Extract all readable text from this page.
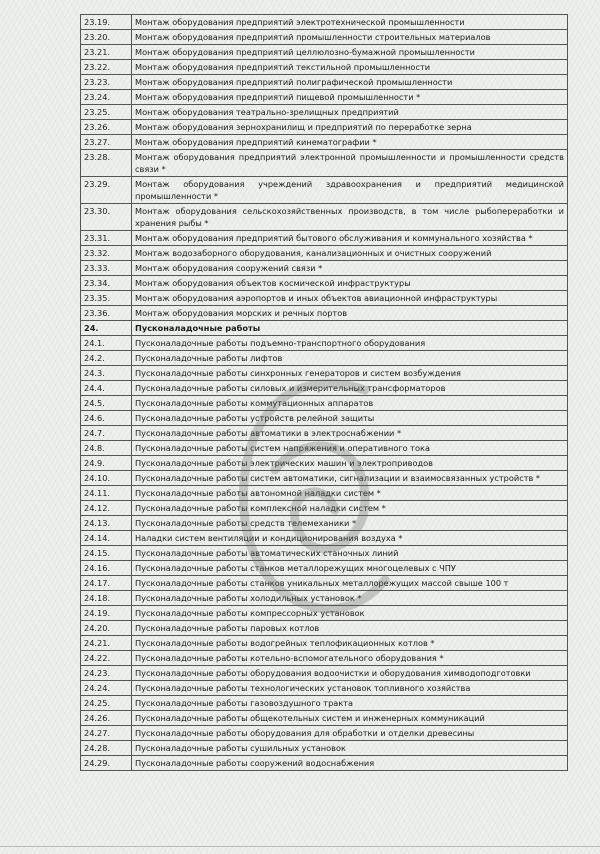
23.19.	Монтаж оборудования предприятий электротехнической промышленности
23.20.	Монтаж оборудования предприятий промышленности строительных материалов
23.21.	Монтаж оборудования предприятий целлюлозно-бумажной промышленности
23.22.	Монтаж оборудования предприятий текстильной промышленности
23.23.	Монтаж оборудования предприятий полиграфической промышленности
23.24.	Монтаж оборудования предприятий пищевой промышленности *
23.25.	Монтаж оборудования театрально-зрелищных предприятий
23.26.	Монтаж оборудования зернохранилищ и предприятий по переработке зерна
23.27.	Монтаж оборудования предприятий кинематографии *
23.28.	Монтаж оборудования предприятий электронной промышленности и промышленности средств связи *
23.29.	Монтаж оборудования учреждений здравоохранения и предприятий медицинской промышленности *
23.30.	Монтаж оборудования сельскохозяйственных производств, в том числе рыбопереработки и хранения рыбы *
23.31.	Монтаж оборудования предприятий бытового обслуживания и коммунального хозяйства *
23.32.	Монтаж водозаборного оборудования, канализационных и очистных сооружений
23.33.	Монтаж оборудования сооружений связи *
23.34.	Монтаж оборудования объектов космической инфраструктуры
23.35.	Монтаж оборудования аэропортов и иных объектов авиационной инфраструктуры
23.36.	Монтаж оборудования морских и речных портов
24.	Пусконаладочные работы
24.1.	Пусконаладочные работы подъемно-транспортного оборудования
24.2.	Пусконаладочные работы лифтов
24.3.	Пусконаладочные работы синхронных генераторов и систем возбуждения
24.4.	Пусконаладочные работы силовых и измерительных трансформаторов
24.5.	Пусконаладочные работы коммутационных аппаратов
24.6.	Пусконаладочные работы устройств релейной защиты
24.7.	Пусконаладочные работы автоматики в электроснабжении *
24.8.	Пусконаладочные работы систем напряжения и оперативного тока
24.9.	Пусконаладочные работы электрических машин и электроприводов
24.10.	Пусконаладочные работы систем автоматики, сигнализации и взаимосвязанных устройств *
24.11.	Пусконаладочные работы автономной наладки систем *
24.12.	Пусконаладочные работы комплексной наладки систем *
24.13.	Пусконаладочные работы средств телемеханики *
24.14.	Наладки систем вентиляции и кондиционирования воздуха *
24.15.	Пусконаладочные работы автоматических станочных линий
24.16.	Пусконаладочные работы станков металлорежущих многоцелевых с ЧПУ
24.17.	Пусконаладочные работы станков уникальных металлорежущих массой свыше 100 т
24.18.	Пусконаладочные работы холодильных установок *
24.19.	Пусконаладочные работы компрессорных установок
24.20.	Пусконаладочные работы паровых котлов
24.21.	Пусконаладочные работы водогрейных теплофикационных котлов *
24.22.	Пусконаладочные работы котельно-вспомогательного оборудования *
24.23.	Пусконаладочные работы оборудования водоочистки и оборудования химводоподготовки
24.24.	Пусконаладочные работы технологических установок топливного хозяйства
24.25.	Пусконаладочные работы газовоздушного тракта
24.26.	Пусконаладочные работы общекотельных систем и инженерных коммуникаций
24.27.	Пусконаладочные работы оборудования для обработки и отделки древесины
24.28.	Пусконаладочные работы сушильных установок
24.29.	Пусконаладочные работы сооружений водоснабжения
